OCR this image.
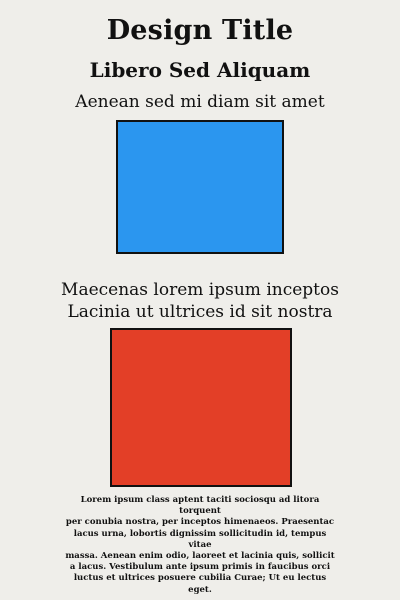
Design Title
Libero Sed Aliquam
Aenean sed mi diam sit amet
Maecenas lorem ipsum inceptos
Lacinia ut ultrices id sit nostra
Lorem ipsum class aptent taciti sociosqu ad litora torquent
per conubia nostra, per inceptos himenaeos. Praesentac
lacus urna, lobortis dignissim sollicitudin id, tempus vitae
massa. Aenean enim odio, laoreet et lacinia quis, sollicit
a lacus. Vestibulum ante ipsum primis in faucibus orci
luctus et ultrices posuere cubilia Curae; Ut eu lectus eget.
